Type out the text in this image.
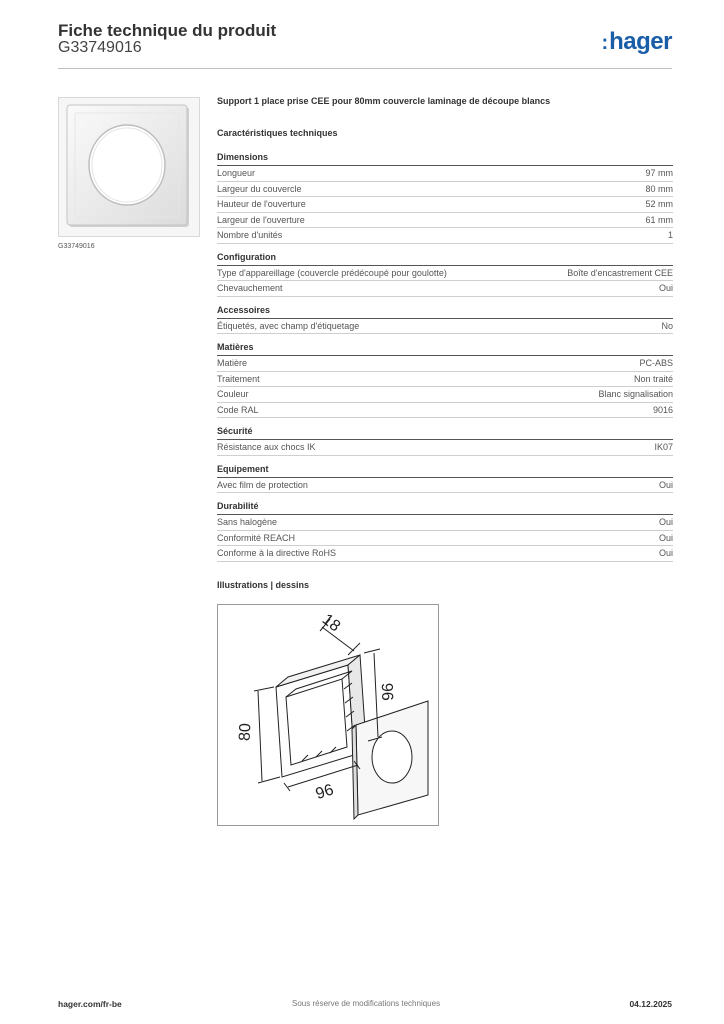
Fiche technique du produit
G33749016	:hager
G33749016
Support 1 place prise CEE pour 80mm couvercle laminage de découpe blancs
Caractéristiques techniques
Dimensions
Longueur	97 mm
Largeur du couvercle	80 mm
Hauteur de l'ouverture	52 mm
Largeur de l'ouverture	61 mm
Nombre d'unités	1
Configuration
Type d'appareillage (couvercle prédécoupé pour goulotte)	Boîte d'encastrement CEE
Chevauchement	Oui
Accessoires
Étiquetés, avec champ d'étiquetage	No
Matières
Matière	PC-ABS
Traitement	Non traité
Couleur	Blanc signalisation
Code RAL	9016
Sécurité
Résistance aux chocs IK	IK07
Equipement
Avec film de protection	Oui
Durabilité
Sans halogène	Oui
Conformité REACH	Oui
Conforme à la directive RoHS	Oui
Illustrations | dessins
18
80
96
96
hager.com/fr-be	Sous réserve de modifications techniques	04.12.2025
